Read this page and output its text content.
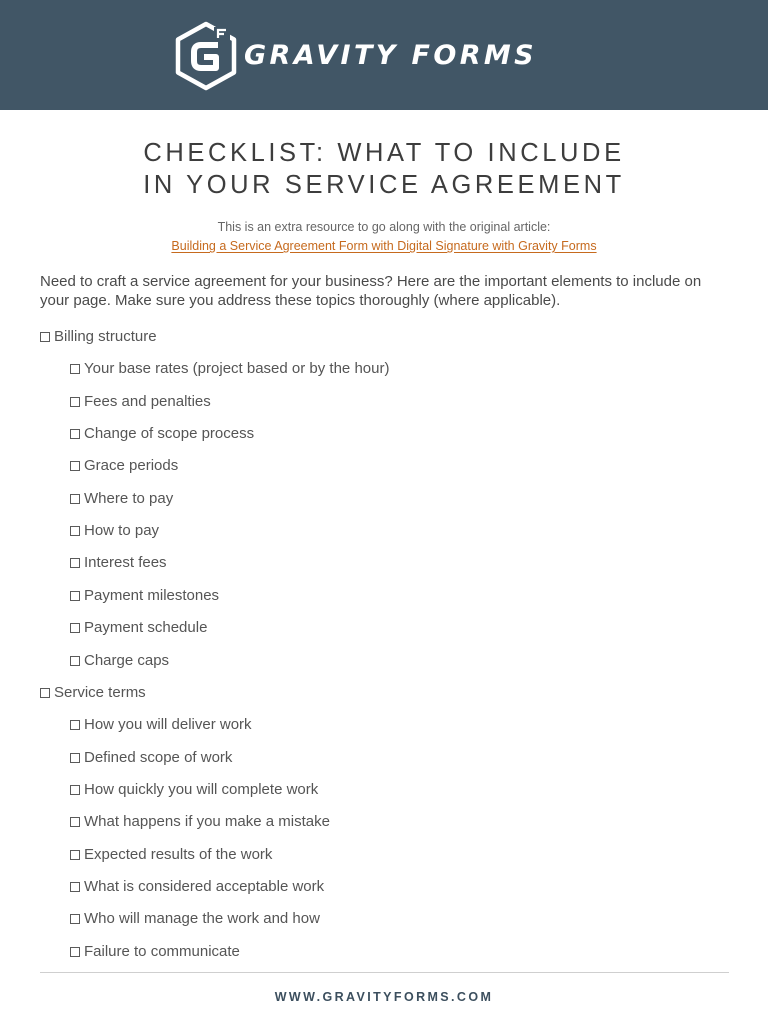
GRAVITY FORMS
CHECKLIST: WHAT TO INCLUDE
IN YOUR SERVICE AGREEMENT
This is an extra resource to go along with the original article:
Building a Service Agreement Form with Digital Signature with Gravity Forms
Need to craft a service agreement for your business? Here are the important elements to include on
your page. Make sure you address these topics thoroughly (where applicable).
Billing structure
Your base rates (project based or by the hour)
Fees and penalties
Change of scope process
Grace periods
Where to pay
How to pay
Interest fees
Payment milestones
Payment schedule
Charge caps
Service terms
How you will deliver work
Defined scope of work
How quickly you will complete work
What happens if you make a mistake
Expected results of the work
What is considered acceptable work
Who will manage the work and how
Failure to communicate
WWW.GRAVITYFORMS.COM
